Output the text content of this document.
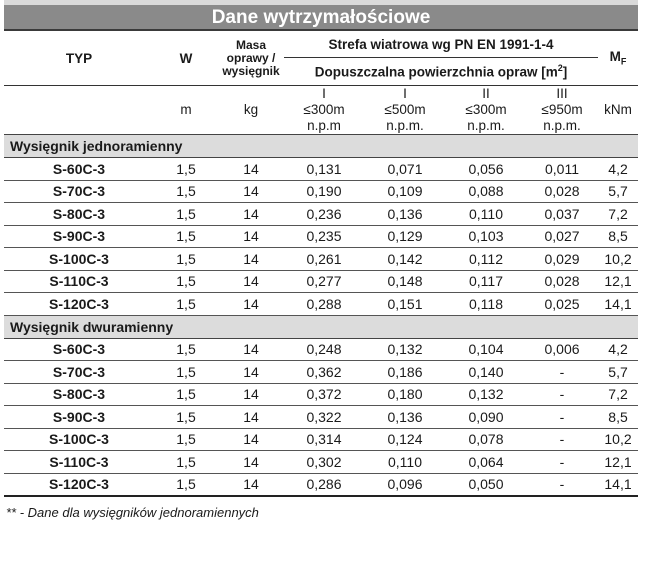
Dane wytrzymałościowe
TYP	W	Masa
oprawy /
wysięgnik	Strefa wiatrowa wg PN EN 1991-1-4				$M_F$
			Dopuszczalna powierzchnia opraw $[m^2]$				
			I	I	II	III	
	m	kg	≤300m	≤500m	≤300m	≤950m	kNm
			n.p.m	n.p.m.	n.p.m.	n.p.m.	
Wysięgnik jednoramienny							
S-60C-3	1,5	14	0,131	0,071	0,056	0,011	4,2
S-70C-3	1,5	14	0,190	0,109	0,088	0,028	5,7
S-80C-3	1,5	14	0,236	0,136	0,110	0,037	7,2
S-90C-3	1,5	14	0,235	0,129	0,103	0,027	8,5
S-100C-3	1,5	14	0,261	0,142	0,112	0,029	10,2
S-110C-3	1,5	14	0,277	0,148	0,117	0,028	12,1
S-120C-3	1,5	14	0,288	0,151	0,118	0,025	14,1
Wysięgnik dwuramienny							
S-60C-3	1,5	14	0,248	0,132	0,104	0,006	4,2
S-70C-3	1,5	14	0,362	0,186	0,140	-	5,7
S-80C-3	1,5	14	0,372	0,180	0,132	-	7,2
S-90C-3	1,5	14	0,322	0,136	0,090	-	8,5
S-100C-3	1,5	14	0,314	0,124	0,078	-	10,2
S-110C-3	1,5	14	0,302	0,110	0,064	-	12,1
S-120C-3	1,5	14	0,286	0,096	0,050	-	14,1
** - Dane dla wysięgników jednoramiennych
